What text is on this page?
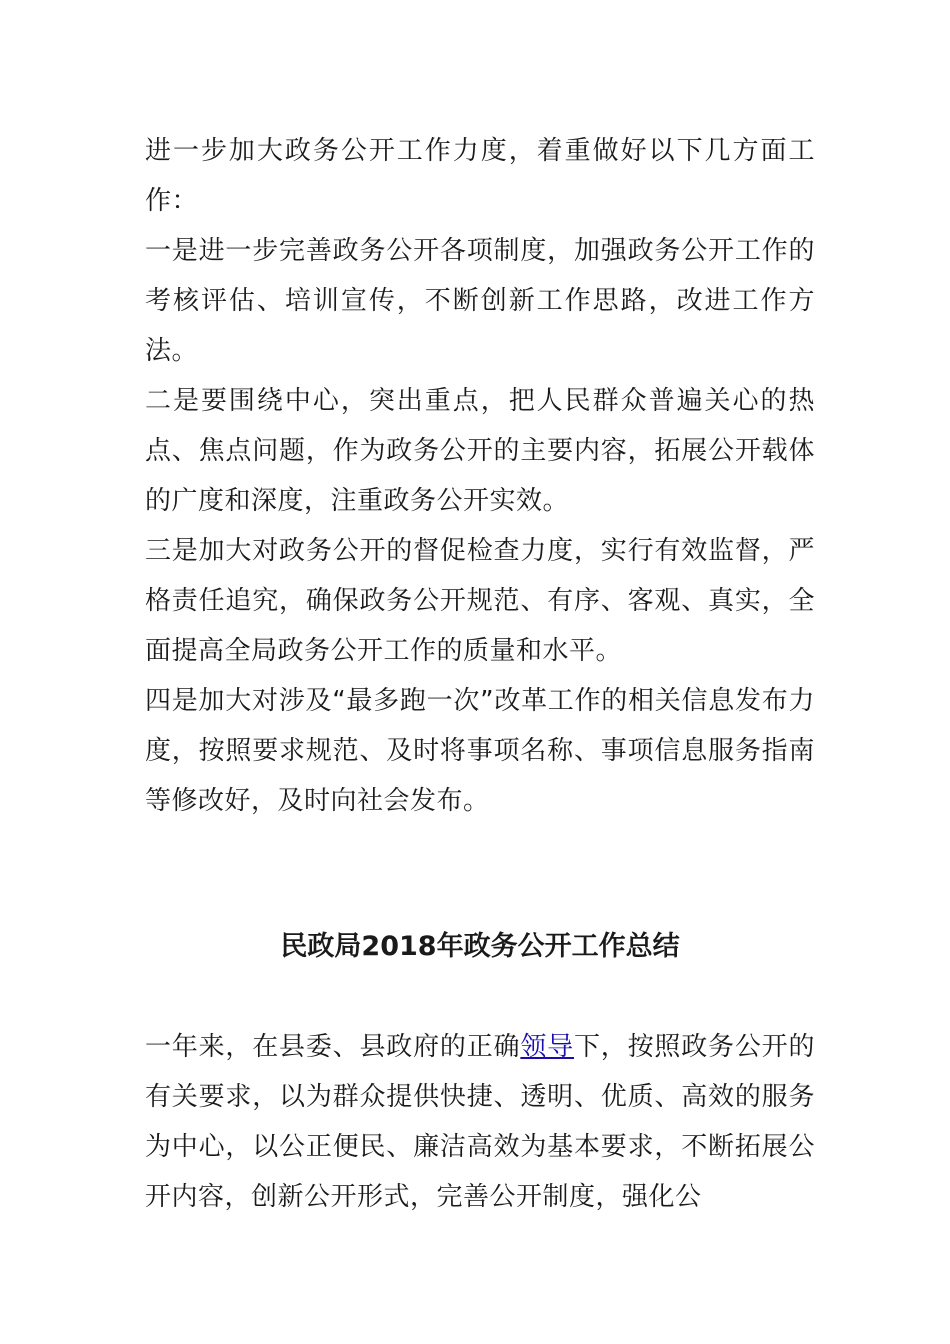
进一步加大政务公开工作力度，着重做好以下几方面工作：

一是进一步完善政务公开各项制度，加强政务公开工作的考核评估、培训宣传，不断创新工作思路，改进工作方法。

二是要围绕中心，突出重点，把人民群众普遍关心的热点、焦点问题，作为政务公开的主要内容，拓展公开载体的广度和深度，注重政务公开实效。

三是加大对政务公开的督促检查力度，实行有效监督，严格责任追究，确保政务公开规范、有序、客观、真实，全面提高全局政务公开工作的质量和水平。

四是加大对涉及“最多跑一次”改革工作的相关信息发布力度，按照要求规范、及时将事项名称、事项信息服务指南等修改好，及时向社会发布。

民政局2018年政务公开工作总结

一年来，在县委、县政府的正确领导下，按照政务公开的有关要求，以为群众提供快捷、透明、优质、高效的服务为中心，以公正便民、廉洁高效为基本要求，不断拓展公开内容，创新公开形式，完善公开制度，强化公
